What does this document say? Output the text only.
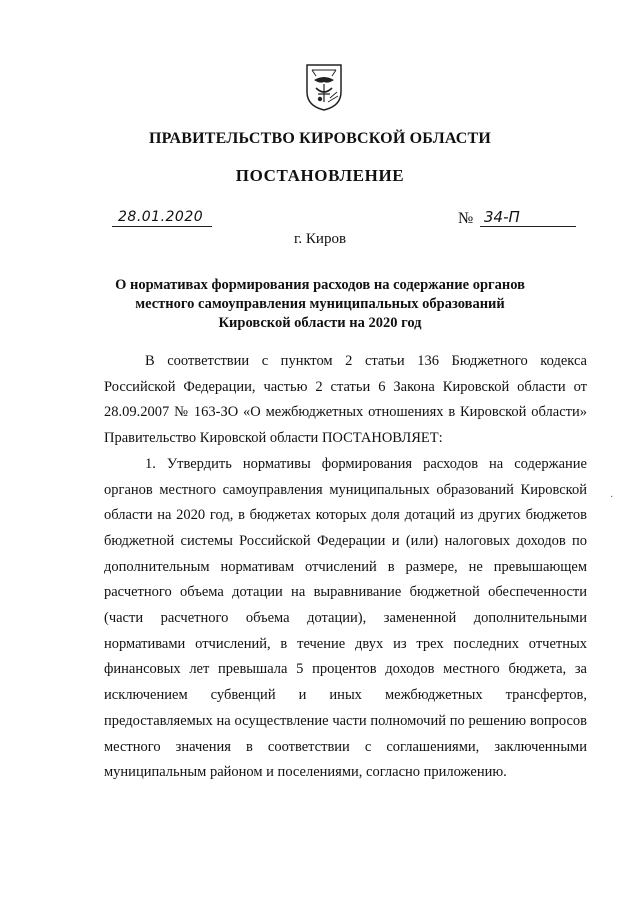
ПРАВИТЕЛЬСТВО КИРОВСКОЙ ОБЛАСТИ
ПОСТАНОВЛЕНИЕ
28.01.2020	№ 34-П
г. Киров
О нормативах формирования расходов на содержание органов
местного самоуправления муниципальных образований
Кировской области на 2020 год

В соответствии с пунктом 2 статьи 136 Бюджетного кодекса Российской Федерации, частью 2 статьи 6 Закона Кировской области от 28.09.2007 № 163-ЗО «О межбюджетных отношениях в Кировской области» Правительство Кировской области ПОСТАНОВЛЯЕТ:

1. Утвердить нормативы формирования расходов на содержание органов местного самоуправления муниципальных образований Кировской области на 2020 год, в бюджетах которых доля дотаций из других бюджетов бюджетной системы Российской Федерации и (или) налоговых доходов по дополнительным нормативам отчислений в размере, не превышающем расчетного объема дотации на выравнивание бюджетной обеспеченности (части расчетного объема дотации), замененной дополнительными нормативами отчислений, в течение двух из трех последних отчетных финансовых лет превышала 5 процентов доходов местного бюджета, за исключением субвенций и иных межбюджетных трансфертов, предоставляемых на осуществление части полномочий по решению вопросов местного значения в соответствии с соглашениями, заключенными муниципальным районом и поселениями, согласно приложению.

·
